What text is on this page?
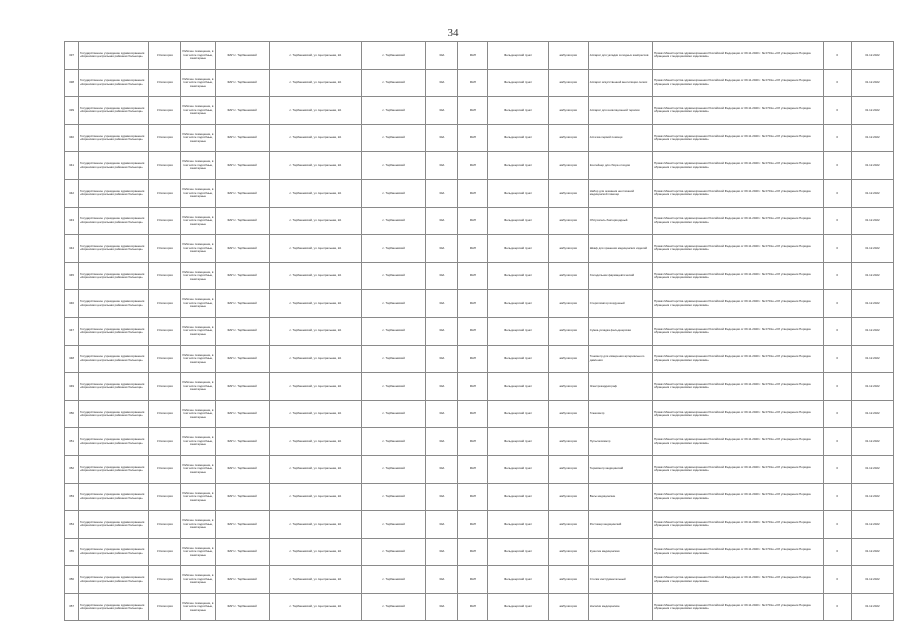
34
337	Государственное учреждение здравоохранения «Киренская центральная районная больница»	3 Категория	Рабочее помещение, в том числе подсобные, санитарные	ФАП с. Тарбашевский	с. Тарбашевский, ул. Центральная, 2А	с. Тарбашевский	34А	ФАП	Фельдшерский пункт	амбулатория	Аппарат для укладки холодных компрессов	Приказ Министерства здравоохранения Российской Федерации от 09.11.2020 г. № 0701н «Об утверждении Порядка обращения с медицинскими изделиями»	0	31.12.2022
338	Государственное учреждение здравоохранения «Киренская центральная районная больница»	3 Категория	Рабочее помещение, в том числе подсобные, санитарные	ФАП с. Тарбашевский	с. Тарбашевский, ул. Центральная, 2А	с. Тарбашевский	34А	ФАП	Фельдшерский пункт	амбулатория	Аппарат искусственной вентиляции легких	Приказ Министерства здравоохранения Российской Федерации от 09.11.2020 г. № 0701н «Об утверждении Порядка обращения с медицинскими изделиями»	0	31.12.2022
339	Государственное учреждение здравоохранения «Киренская центральная районная больница»	3 Категория	Рабочее помещение, в том числе подсобные, санитарные	ФАП с. Тарбашевский	с. Тарбашевский, ул. Центральная, 2А	с. Тарбашевский	34А	ФАП	Фельдшерский пункт	амбулатория	Аппарат для ингаляционной терапии	Приказ Министерства здравоохранения Российской Федерации от 09.11.2020 г. № 0701н «Об утверждении Порядка обращения с медицинскими изделиями»	0	31.12.2022
340	Государственное учреждение здравоохранения «Киренская центральная районная больница»	3 Категория	Рабочее помещение, в том числе подсобные, санитарные	ФАП с. Тарбашевский	с. Тарбашевский, ул. Центральная, 2А	с. Тарбашевский	34А	ФАП	Фельдшерский пункт	амбулатория	Аптечка первой помощи	Приказ Министерства здравоохранения Российской Федерации от 09.11.2020 г. № 0701н «Об утверждении Порядка обращения с медицинскими изделиями»	0	31.12.2022
341	Государственное учреждение здравоохранения «Киренская центральная районная больница»	3 Категория	Рабочее помещение, в том числе подсобные, санитарные	ФАП с. Тарбашевский	с. Тарбашевский, ул. Центральная, 2А	с. Тарбашевский	34А	ФАП	Фельдшерский пункт	амбулатория	Контейнер для сбора отходов	Приказ Министерства здравоохранения Российской Федерации от 09.11.2020 г. № 0701н «Об утверждении Порядка обращения с медицинскими изделиями»	0	31.12.2022
342	Государственное учреждение здравоохранения «Киренская центральная районная больница»	3 Категория	Рабочее помещение, в том числе подсобные, санитарные	ФАП с. Тарбашевский	с. Тарбашевский, ул. Центральная, 2А	с. Тарбашевский	34А	ФАП	Фельдшерский пункт	амбулатория	Набор для оказания неотложной медицинской помощи	Приказ Министерства здравоохранения Российской Федерации от 09.11.2020 г. № 0701н «Об утверждении Порядка обращения с медицинскими изделиями»	0	31.12.2022
343	Государственное учреждение здравоохранения «Киренская центральная районная больница»	3 Категория	Рабочее помещение, в том числе подсобные, санитарные	ФАП с. Тарбашевский	с. Тарбашевский, ул. Центральная, 2А	с. Тарбашевский	34А	ФАП	Фельдшерский пункт	амбулатория	Облучатель бактерицидный	Приказ Министерства здравоохранения Российской Федерации от 09.11.2020 г. № 0701н «Об утверждении Порядка обращения с медицинскими изделиями»	0	31.12.2022
344	Государственное учреждение здравоохранения «Киренская центральная районная больница»	3 Категория	Рабочее помещение, в том числе подсобные, санитарные	ФАП с. Тарбашевский	с. Тарбашевский, ул. Центральная, 2А	с. Тарбашевский	34А	ФАП	Фельдшерский пункт	амбулатория	Шкаф для хранения медицинских изделий	Приказ Министерства здравоохранения Российской Федерации от 09.11.2020 г. № 0701н «Об утверждении Порядка обращения с медицинскими изделиями»	0	31.12.2022
345	Государственное учреждение здравоохранения «Киренская центральная районная больница»	3 Категория	Рабочее помещение, в том числе подсобные, санитарные	ФАП с. Тарбашевский	с. Тарбашевский, ул. Центральная, 2А	с. Тарбашевский	34А	ФАП	Фельдшерский пункт	амбулатория	Холодильник фармацевтический	Приказ Министерства здравоохранения Российской Федерации от 09.11.2020 г. № 0701н «Об утверждении Порядка обращения с медицинскими изделиями»	0	31.12.2022
346	Государственное учреждение здравоохранения «Киренская центральная районная больница»	3 Категория	Рабочее помещение, в том числе подсобные, санитарные	ФАП с. Тарбашевский	с. Тарбашевский, ул. Центральная, 2А	с. Тарбашевский	34А	ФАП	Фельдшерский пункт	амбулатория	Стерилизатор воздушный	Приказ Министерства здравоохранения Российской Федерации от 09.11.2020 г. № 0701н «Об утверждении Порядка обращения с медицинскими изделиями»	0	31.12.2022
347	Государственное учреждение здравоохранения «Киренская центральная районная больница»	3 Категория	Рабочее помещение, в том числе подсобные, санитарные	ФАП с. Тарбашевский	с. Тарбашевский, ул. Центральная, 2А	с. Тарбашевский	34А	ФАП	Фельдшерский пункт	амбулатория	Сумка-укладка фельдшерская	Приказ Министерства здравоохранения Российской Федерации от 09.11.2020 г. № 0701н «Об утверждении Порядка обращения с медицинскими изделиями»	0	31.12.2022
348	Государственное учреждение здравоохранения «Киренская центральная районная больница»	3 Категория	Рабочее помещение, в том числе подсобные, санитарные	ФАП с. Тарбашевский	с. Тарбашевский, ул. Центральная, 2А	с. Тарбашевский	34А	ФАП	Фельдшерский пункт	амбулатория	Тонометр для измерения артериального давления	Приказ Министерства здравоохранения Российской Федерации от 09.11.2020 г. № 0701н «Об утверждении Порядка обращения с медицинскими изделиями»	0	31.12.2022
349	Государственное учреждение здравоохранения «Киренская центральная районная больница»	3 Категория	Рабочее помещение, в том числе подсобные, санитарные	ФАП с. Тарбашевский	с. Тарбашевский, ул. Центральная, 2А	с. Тарбашевский	34А	ФАП	Фельдшерский пункт	амбулатория	Электрокардиограф	Приказ Министерства здравоохранения Российской Федерации от 09.11.2020 г. № 0701н «Об утверждении Порядка обращения с медицинскими изделиями»	0	31.12.2022
350	Государственное учреждение здравоохранения «Киренская центральная районная больница»	3 Категория	Рабочее помещение, в том числе подсобные, санитарные	ФАП с. Тарбашевский	с. Тарбашевский, ул. Центральная, 2А	с. Тарбашевский	34А	ФАП	Фельдшерский пункт	амбулатория	Глюкометр	Приказ Министерства здравоохранения Российской Федерации от 09.11.2020 г. № 0701н «Об утверждении Порядка обращения с медицинскими изделиями»	0	31.12.2022
351	Государственное учреждение здравоохранения «Киренская центральная районная больница»	3 Категория	Рабочее помещение, в том числе подсобные, санитарные	ФАП с. Тарбашевский	с. Тарбашевский, ул. Центральная, 2А	с. Тарбашевский	34А	ФАП	Фельдшерский пункт	амбулатория	Пульсоксиметр	Приказ Министерства здравоохранения Российской Федерации от 09.11.2020 г. № 0701н «Об утверждении Порядка обращения с медицинскими изделиями»	0	31.12.2022
352	Государственное учреждение здравоохранения «Киренская центральная районная больница»	3 Категория	Рабочее помещение, в том числе подсобные, санитарные	ФАП с. Тарбашевский	с. Тарбашевский, ул. Центральная, 2А	с. Тарбашевский	34А	ФАП	Фельдшерский пункт	амбулатория	Термометр медицинский	Приказ Министерства здравоохранения Российской Федерации от 09.11.2020 г. № 0701н «Об утверждении Порядка обращения с медицинскими изделиями»	0	31.12.2022
353	Государственное учреждение здравоохранения «Киренская центральная районная больница»	3 Категория	Рабочее помещение, в том числе подсобные, санитарные	ФАП с. Тарбашевский	с. Тарбашевский, ул. Центральная, 2А	с. Тарбашевский	34А	ФАП	Фельдшерский пункт	амбулатория	Весы медицинские	Приказ Министерства здравоохранения Российской Федерации от 09.11.2020 г. № 0701н «Об утверждении Порядка обращения с медицинскими изделиями»	0	31.12.2022
354	Государственное учреждение здравоохранения «Киренская центральная районная больница»	3 Категория	Рабочее помещение, в том числе подсобные, санитарные	ФАП с. Тарбашевский	с. Тарбашевский, ул. Центральная, 2А	с. Тарбашевский	34А	ФАП	Фельдшерский пункт	амбулатория	Ростомер медицинский	Приказ Министерства здравоохранения Российской Федерации от 09.11.2020 г. № 0701н «Об утверждении Порядка обращения с медицинскими изделиями»	0	31.12.2022
355	Государственное учреждение здравоохранения «Киренская центральная районная больница»	3 Категория	Рабочее помещение, в том числе подсобные, санитарные	ФАП с. Тарбашевский	с. Тарбашевский, ул. Центральная, 2А	с. Тарбашевский	34А	ФАП	Фельдшерский пункт	амбулатория	Кушетка медицинская	Приказ Министерства здравоохранения Российской Федерации от 09.11.2020 г. № 0701н «Об утверждении Порядка обращения с медицинскими изделиями»	0	31.12.2022
356	Государственное учреждение здравоохранения «Киренская центральная районная больница»	3 Категория	Рабочее помещение, в том числе подсобные, санитарные	ФАП с. Тарбашевский	с. Тарбашевский, ул. Центральная, 2А	с. Тарбашевский	34А	ФАП	Фельдшерский пункт	амбулатория	Столик инструментальный	Приказ Министерства здравоохранения Российской Федерации от 09.11.2020 г. № 0701н «Об утверждении Порядка обращения с медицинскими изделиями»	0	31.12.2022
357	Государственное учреждение здравоохранения «Киренская центральная районная больница»	3 Категория	Рабочее помещение, в том числе подсобные, санитарные	ФАП с. Тарбашевский	с. Тарбашевский, ул. Центральная, 2А	с. Тарбашевский	34А	ФАП	Фельдшерский пункт	амбулатория	Носилки медицинские	Приказ Министерства здравоохранения Российской Федерации от 09.11.2020 г. № 0701н «Об утверждении Порядка обращения с медицинскими изделиями»	0	31.12.2022
